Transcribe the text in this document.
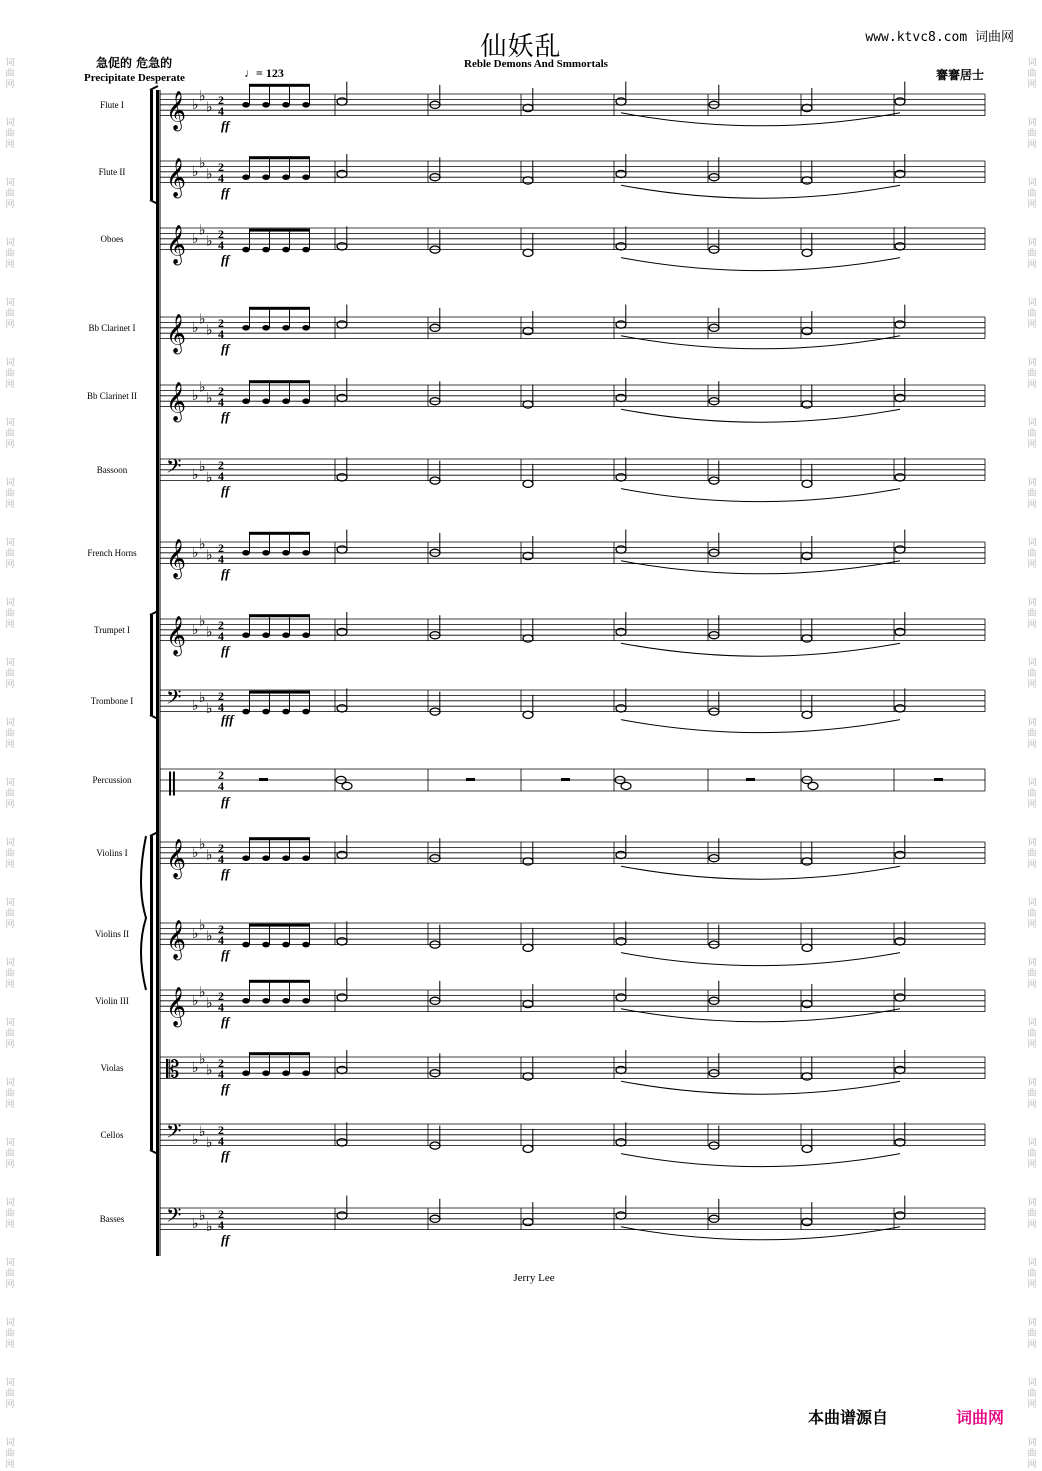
仙妖乱
Reble Demons And Smmortals
www.ktvc8.com 词曲网
急促的 危急的
Precipitate Desperate	♩= 123	謇謇居士
Flute I
Flute II
Oboes
Bb Clarinet I
Bb Clarinet II
Bassoon
French Horns
Trumpet I
Trombone I
Percussion
Violins I
Violins II
Violin III
Violas
Cellos
Basses
ff
ff
ff
ff
ff
ff
ff
ff
fff
ff
ff
ff
ff
ff
ff
ff
Jerry Lee
本曲谱源自	词曲网
𝄞 ♭
♭
♭ 2
4
𝄞 ♭
♭
♭ 2
4
𝄞 ♭
♭
♭ 2
4
𝄞 ♭
♭
♭ 2
4
𝄞 ♭
♭
♭ 2
4
𝄢 ♭
♭
♭
2
4
𝄞 ♭
♭
♭ 2
4
𝄞 ♭
♭
♭ 2
4
𝄢 ♭
♭
♭
2
4
‖	2
4
𝄞 ♭
♭
♭ 2
4
𝄞 ♭
♭
♭ 2
4
𝄞 ♭
♭
♭ 2
4
𝄡 ♭
♭
♭ 2
4
𝄢 ♭
♭
♭
2
4
𝄢 ♭
♭
♭
2
4
词
曲
网
词
曲
网
词
曲
网
词
曲
网
词
曲
网
词
曲
网
词
曲
网
词
曲
网
词
曲
网
词
曲
网
词
曲
网
词
曲
网
词
曲
网
词
曲
网
词
曲
网
词
曲
网
词
曲
网
词
曲
网
词
曲
网
词
曲
网
词
曲
网
词
曲
网
词
曲
网
词
曲
网
词
曲
网
词
曲
网
词
曲
网
词
曲
网
词
曲
网
词
曲
网
词
曲
网
词
曲
网
词
曲
网
词
曲
网
词
曲
网
词
曲
网
词
曲
网
词
曲
网
词
曲
网
词
曲
网
词
曲
网
词
曲
网
词
曲
网
词
曲
网
词
曲
网
词
曲
网
词
曲
网
词
曲
网
